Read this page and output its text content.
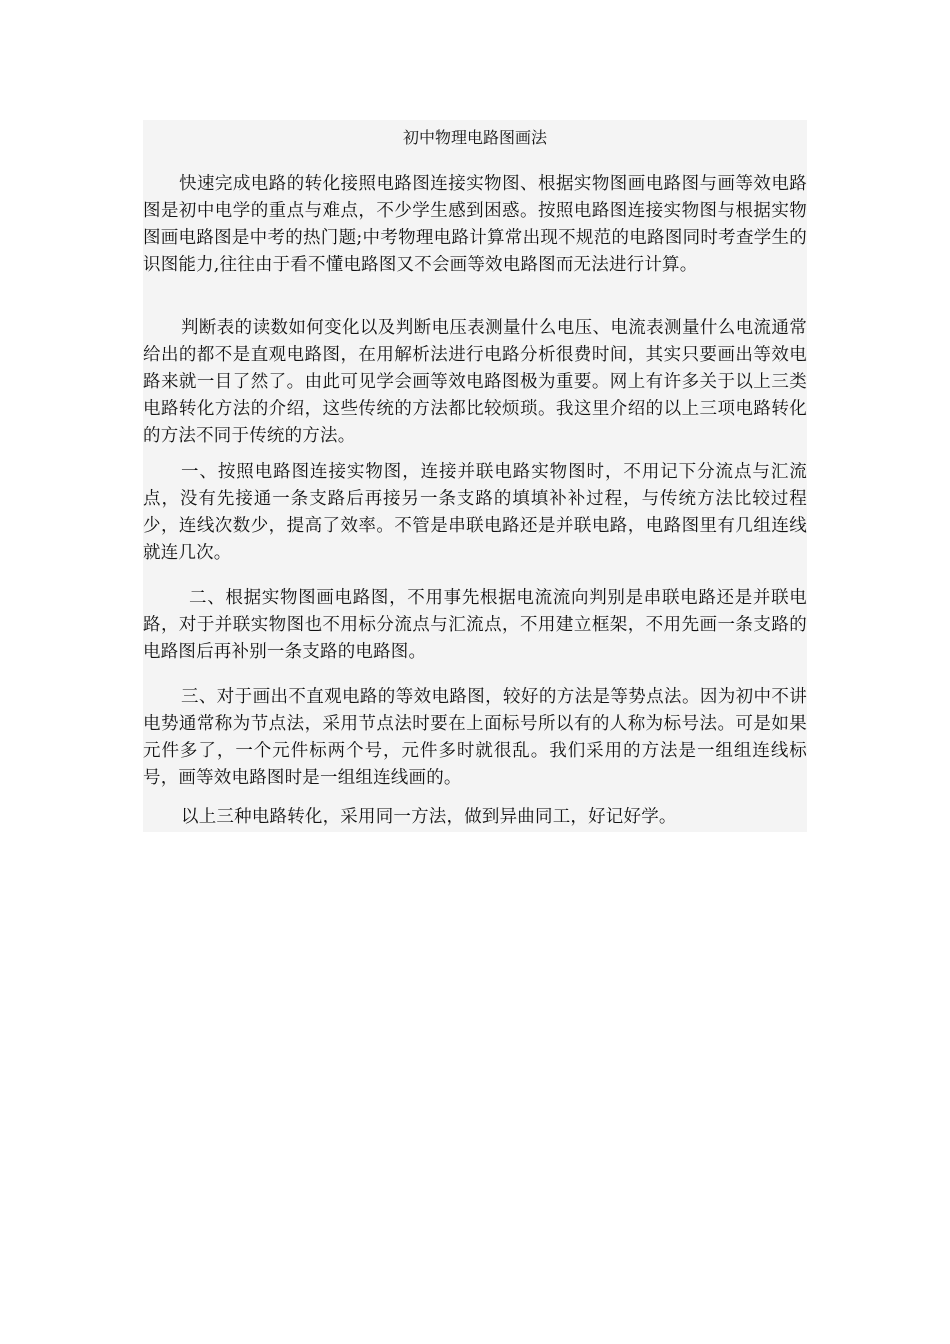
初中物理电路图画法

快速完成电路的转化接照电路图连接实物图、根据实物图画电路图与画等效电路图是初中电学的重点与难点，不少学生感到困惑。按照电路图连接实物图与根据实物图画电路图是中考的热门题;中考物理电路计算常出现不规范的电路图同时考查学生的识图能力,往往由于看不懂电路图又不会画等效电路图而无法进行计算。

判断表的读数如何变化以及判断电压表测量什么电压、电流表测量什么电流通常给出的都不是直观电路图，在用解析法进行电路分析很费时间，其实只要画出等效电路来就一目了然了。由此可见学会画等效电路图极为重要。网上有许多关于以上三类电路转化方法的介绍，这些传统的方法都比较烦琐。我这里介绍的以上三项电路转化的方法不同于传统的方法。

一、按照电路图连接实物图，连接并联电路实物图时，不用记下分流点与汇流点，没有先接通一条支路后再接另一条支路的填填补补过程，与传统方法比较过程少，连线次数少，提高了效率。不管是串联电路还是并联电路，电路图里有几组连线就连几次。

二、根据实物图画电路图，不用事先根据电流流向判别是串联电路还是并联电路，对于并联实物图也不用标分流点与汇流点，不用建立框架，不用先画一条支路的电路图后再补别一条支路的电路图。

三、对于画出不直观电路的等效电路图，较好的方法是等势点法。因为初中不讲电势通常称为节点法，采用节点法时要在上面标号所以有的人称为标号法。可是如果元件多了，一个元件标两个号，元件多时就很乱。我们采用的方法是一组组连线标号，画等效电路图时是一组组连线画的。

以上三种电路转化，采用同一方法，做到异曲同工，好记好学。
